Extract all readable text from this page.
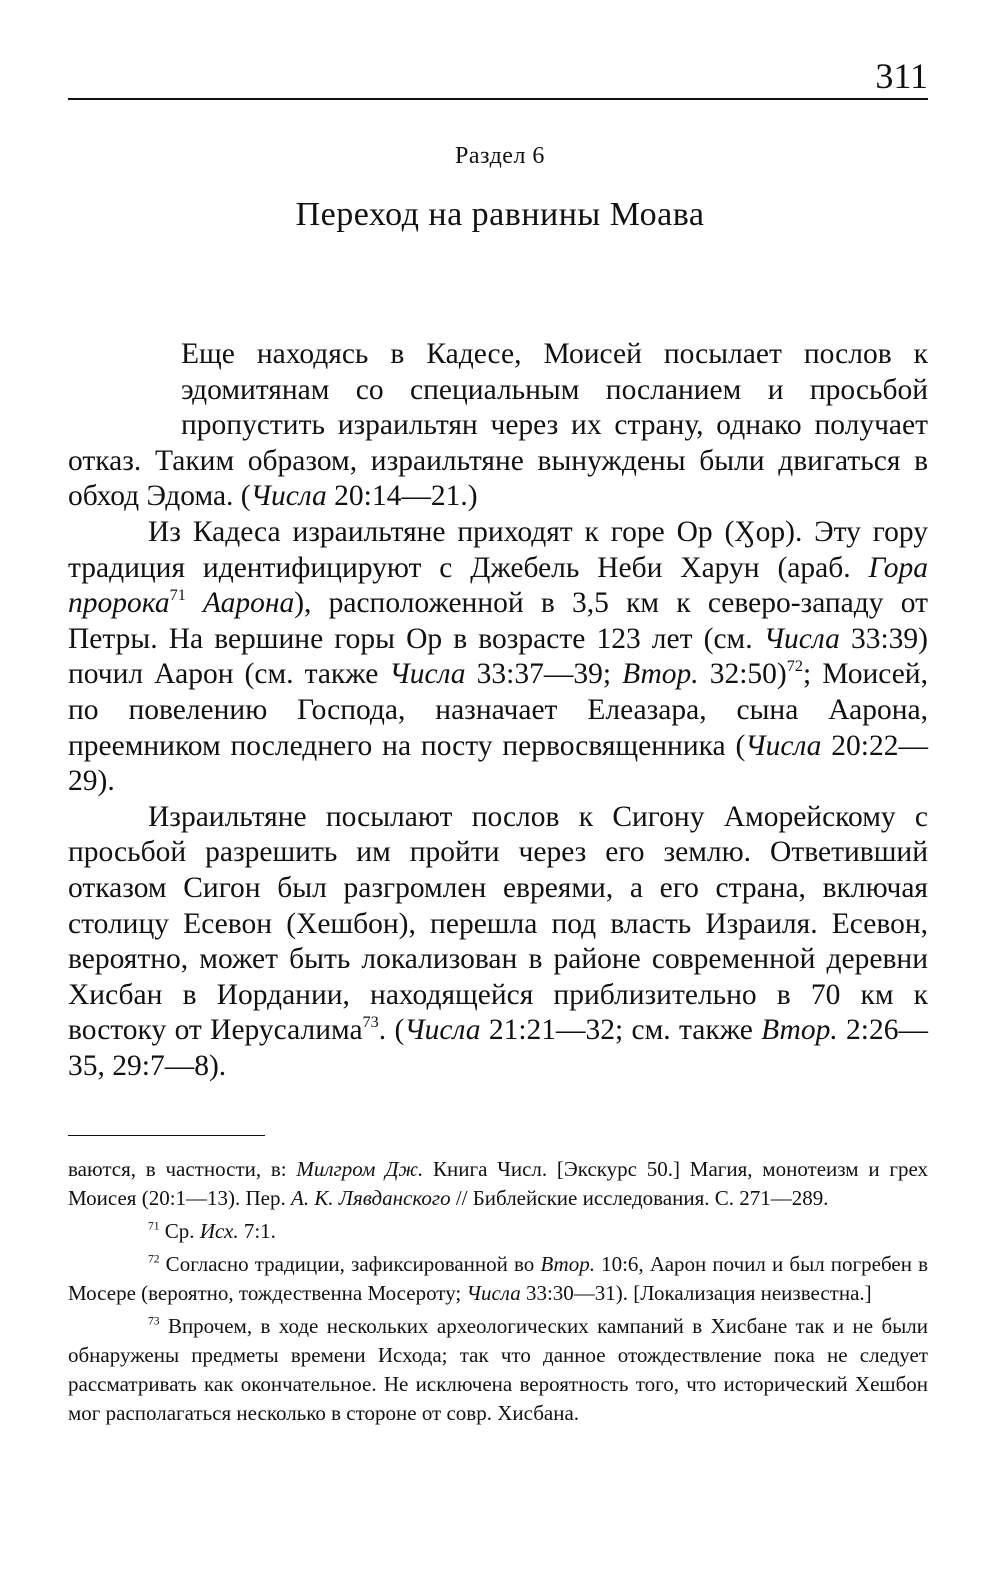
311
Раздел 6
Переход на равнины Моава

Еще находясь в Кадесе, Моисей посылает послов к эдомитянам со специальным посланием и просьбой пропустить израильтян через их страну, однако получает отказ. Таким образом, израильтяне вынуждены были двигаться в обход Эдома. (Числа 20:14—21.)

Из Кадеса израильтяне приходят к горе Ор (Ӽор). Эту гору традиция идентифицируют с Джебель Неби Харун (араб. Гора пророка$^{71}$ Аарона), расположенной в 3,5 км к северо-западу от Петры. На вершине горы Ор в возрасте 123 лет (см. Числа 33:39) почил Аарон (см. также Числа 33:37—39; Втор. 32:50)$^{72}$; Моисей, по повелению Господа, назначает Елеазара, сына Аарона, преемником последнего на посту первосвященника (Числа 20:22—29).

Израильтяне посылают послов к Сигону Аморейскому с просьбой разрешить им пройти через его землю. Ответивший отказом Сигон был разгромлен евреями, а его страна, включая столицу Есевон (Хешбон), перешла под власть Израиля. Есевон, вероятно, может быть локализован в районе современной деревни Хисбан в Иордании, находящейся приблизительно в 70 км к востоку от Иерусалима$^{73}$. (Числа 21:21—32; см. также Втор. 2:26—35, 29:7—8).

ваются, в частности, в: Милгром Дж. Книга Числ. [Экскурс 50.] Магия, монотеизм и грех Моисея (20:1—13). Пер. А. К. Лявданского // Библейские исследования. С. 271—289.

$^{71}$ Ср. Исх. 7:1.

$^{72}$ Согласно традиции, зафиксированной во Втор. 10:6, Аарон почил и был погребен в Мосере (вероятно, тождественна Мосероту; Числа 33:30—31). [Локализация неизвестна.]

$^{73}$ Впрочем, в ходе нескольких археологических кампаний в Хисбане так и не были обнаружены предметы времени Исхода; так что данное отождествление пока не следует рассматривать как окончательное. Не исключена вероятность того, что исторический Хешбон мог располагаться несколько в стороне от совр. Хисбана.
